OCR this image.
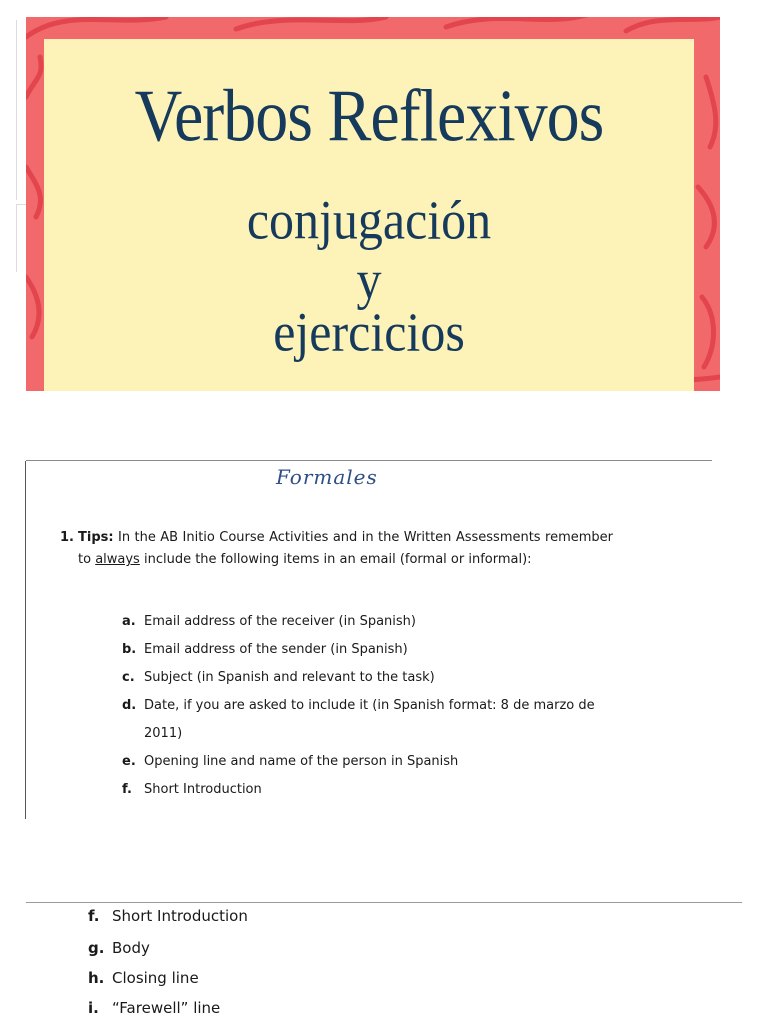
Verbos Reflexivos
conjugación
y
ejercicios
Formales
1. Tips: In the AB Initio Course Activities and in the Written Assessments remember to always include the following items in an email (formal or informal):
a. Email address of the receiver (in Spanish)
b. Email address of the sender (in Spanish)
c. Subject (in Spanish and relevant to the task)
d. Date, if you are asked to include it (in Spanish format: 8 de marzo de
2011)
e. Opening line and name of the person in Spanish
f. Short Introduction
f. Short Introduction
g. Body
h. Closing line
i. “Farewell” line
